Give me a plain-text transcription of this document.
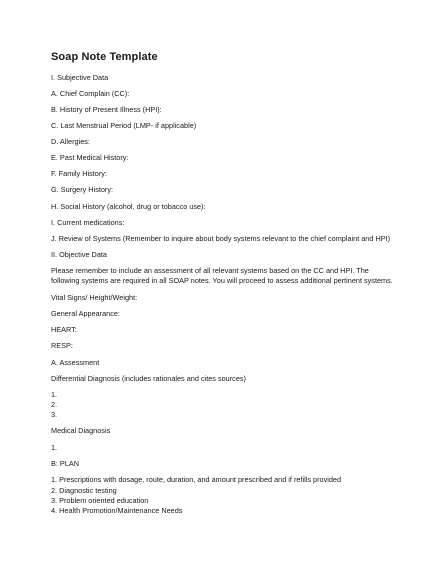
Soap Note Template
I. Subjective Data
A. Chief Complain (CC):
B. History of Present Illness (HPI):
C. Last Menstrual Period (LMP- if applicable)
D. Allergies:
E. Past Medical History:
F. Family History:
G. Surgery History:
H. Social History (alcohol, drug or tobacco use):
I. Current medications:
J. Review of Systems (Remember to inquire about body systems relevant to the chief complaint and HPI)
II. Objective Data
Please remember to include an assessment of all relevant systems based on the CC and HPI. The
following systems are required in all SOAP notes. You will proceed to assess additional pertinent systems.
Vital Signs/ Height/Weight:
General Appearance:
HEART:
RESP:
A. Assessment
Differential Diagnosis (includes rationales and cites sources)
1.
2.
3.
Medical Diagnosis
1.
B: PLAN
1. Prescriptions with dosage, route, duration, and amount prescribed and if refills provided
2. Diagnostic testing
3. Problem oriented education
4. Health Promotion/Maintenance Needs
